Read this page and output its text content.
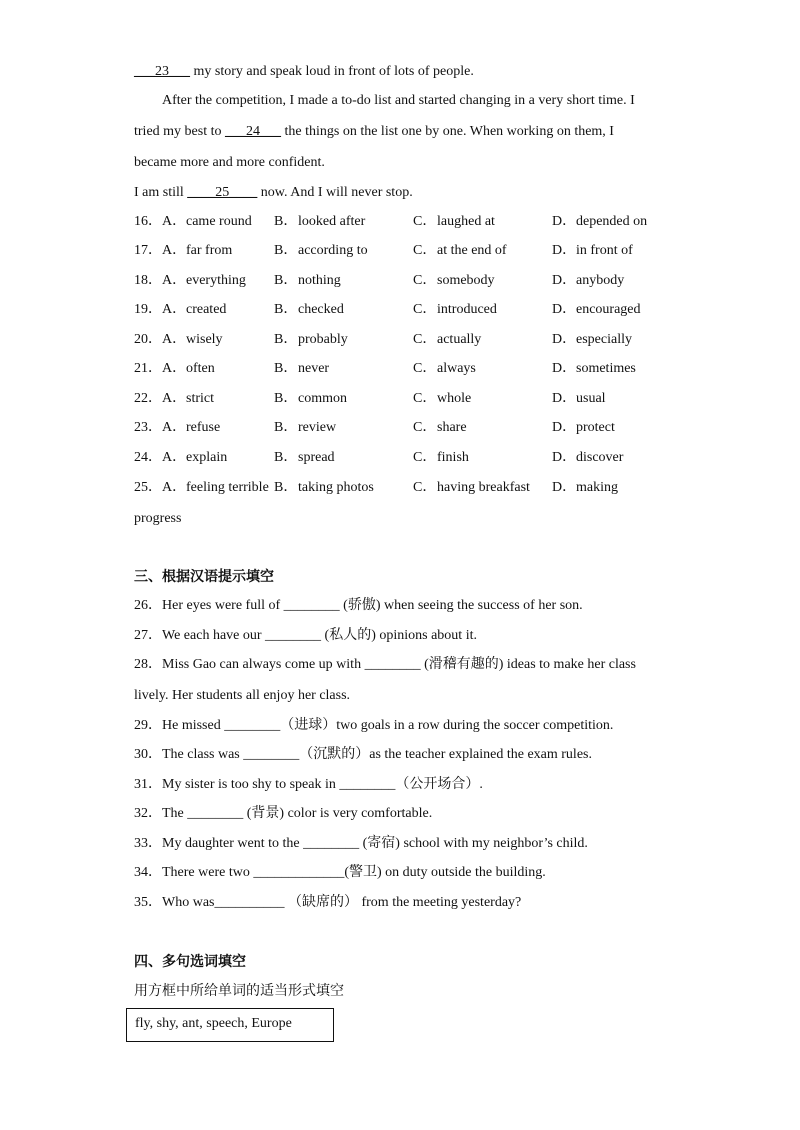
___23___ my story and speak loud in front of lots of people.
After the competition, I made a to-do list and started changing in a very short time. I
tried my best to ___24___ the things on the list one by one. When working on them, I
became more and more confident.
I am still ____25____ now. And I will never stop.
16． A．came round B．looked after	C．laughed at	D．depended on
17． A．far from	B．according to	C．at the end of	D．in front of
18． A．everything B．nothing	C．somebody	D．anybody
19． A．created	B．checked	C．introduced	D．encouraged
20． A．wisely	B．probably	C．actually	D．especially
21． A．often	B．never	C．always	D．sometimes
22． A．strict	B．common	C．whole	D．usual
23． A．refuse	B．review	C．share	D．protect
24． A．explain	B．spread	C．finish	D．discover
25． A．feeling terrible B．taking photos	C．having breakfast D．making
progress
三、根据汉语提示填空
26．Her eyes were full of ________ (骄傲) when seeing the success of her son.
27．We each have our ________ (私人的) opinions about it.
28．Miss Gao can always come up with ________ (滑稽有趣的) ideas to make her class
lively. Her students all enjoy her class.
29．He missed ________（进球）two goals in a row during the soccer competition.
30．The class was ________（沉默的）as the teacher explained the exam rules.
31．My sister is too shy to speak in ________（公开场合）.
32．The ________ (背景) color is very comfortable.
33．My daughter went to the ________ (寄宿) school with my neighbor’s child.
34．There were two _____________(警卫) on duty outside the building.
35．Who was__________ （缺席的） from the meeting yesterday?
四、多句选词填空
用方框中所给单词的适当形式填空
fly, shy, ant, speech, Europe
